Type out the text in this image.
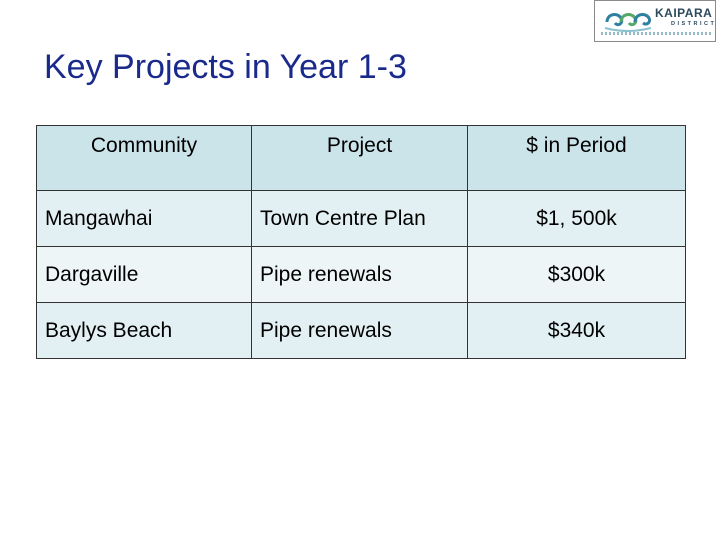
KAIPARA
DISTRICT
Key Projects in Year 1-3
Community	Project	$ in Period
Mangawhai	Town Centre Plan	$1, 500k
Dargaville	Pipe renewals	$300k
Baylys Beach	Pipe renewals	$340k
